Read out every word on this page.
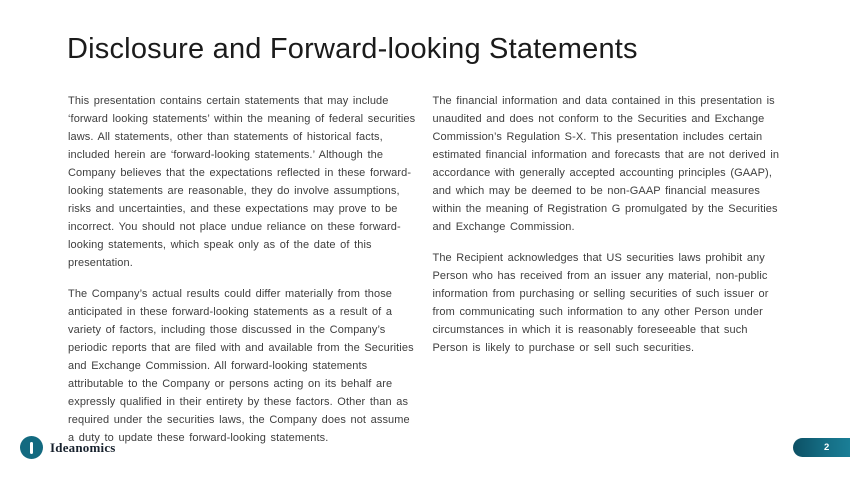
Disclosure and Forward-looking Statements

This presentation contains certain statements that may include ‘forward looking statements’ within the meaning of federal securities laws. All statements, other than statements of historical facts, included herein are ‘forward-looking statements.’ Although the Company believes that the expectations reflected in these forward-looking statements are reasonable, they do involve assumptions, risks and uncertainties, and these expectations may prove to be incorrect. You should not place undue reliance on these forward-looking statements, which speak only as of the date of this presentation.

The Company’s actual results could differ materially from those anticipated in these forward-looking statements as a result of a variety of factors, including those discussed in the Company’s periodic reports that are filed with and available from the Securities and Exchange Commission. All forward-looking statements attributable to the Company or persons acting on its behalf are expressly qualified in their entirety by these factors. Other than as required under the securities laws, the Company does not assume a duty to update these forward-looking statements.

The financial information and data contained in this presentation is unaudited and does not conform to the Securities and Exchange Commission’s Regulation S-X. This presentation includes certain estimated financial information and forecasts that are not derived in accordance with generally accepted accounting principles (GAAP), and which may be deemed to be non-GAAP financial measures within the meaning of Registration G promulgated by the Securities and Exchange Commission.

The Recipient acknowledges that US securities laws prohibit any Person who has received from an issuer any material, non-public information from purchasing or selling securities of such issuer or from communicating such information to any other Person under circumstances in which it is reasonably foreseeable that such Person is likely to purchase or sell such securities.

Ideanomics	2
